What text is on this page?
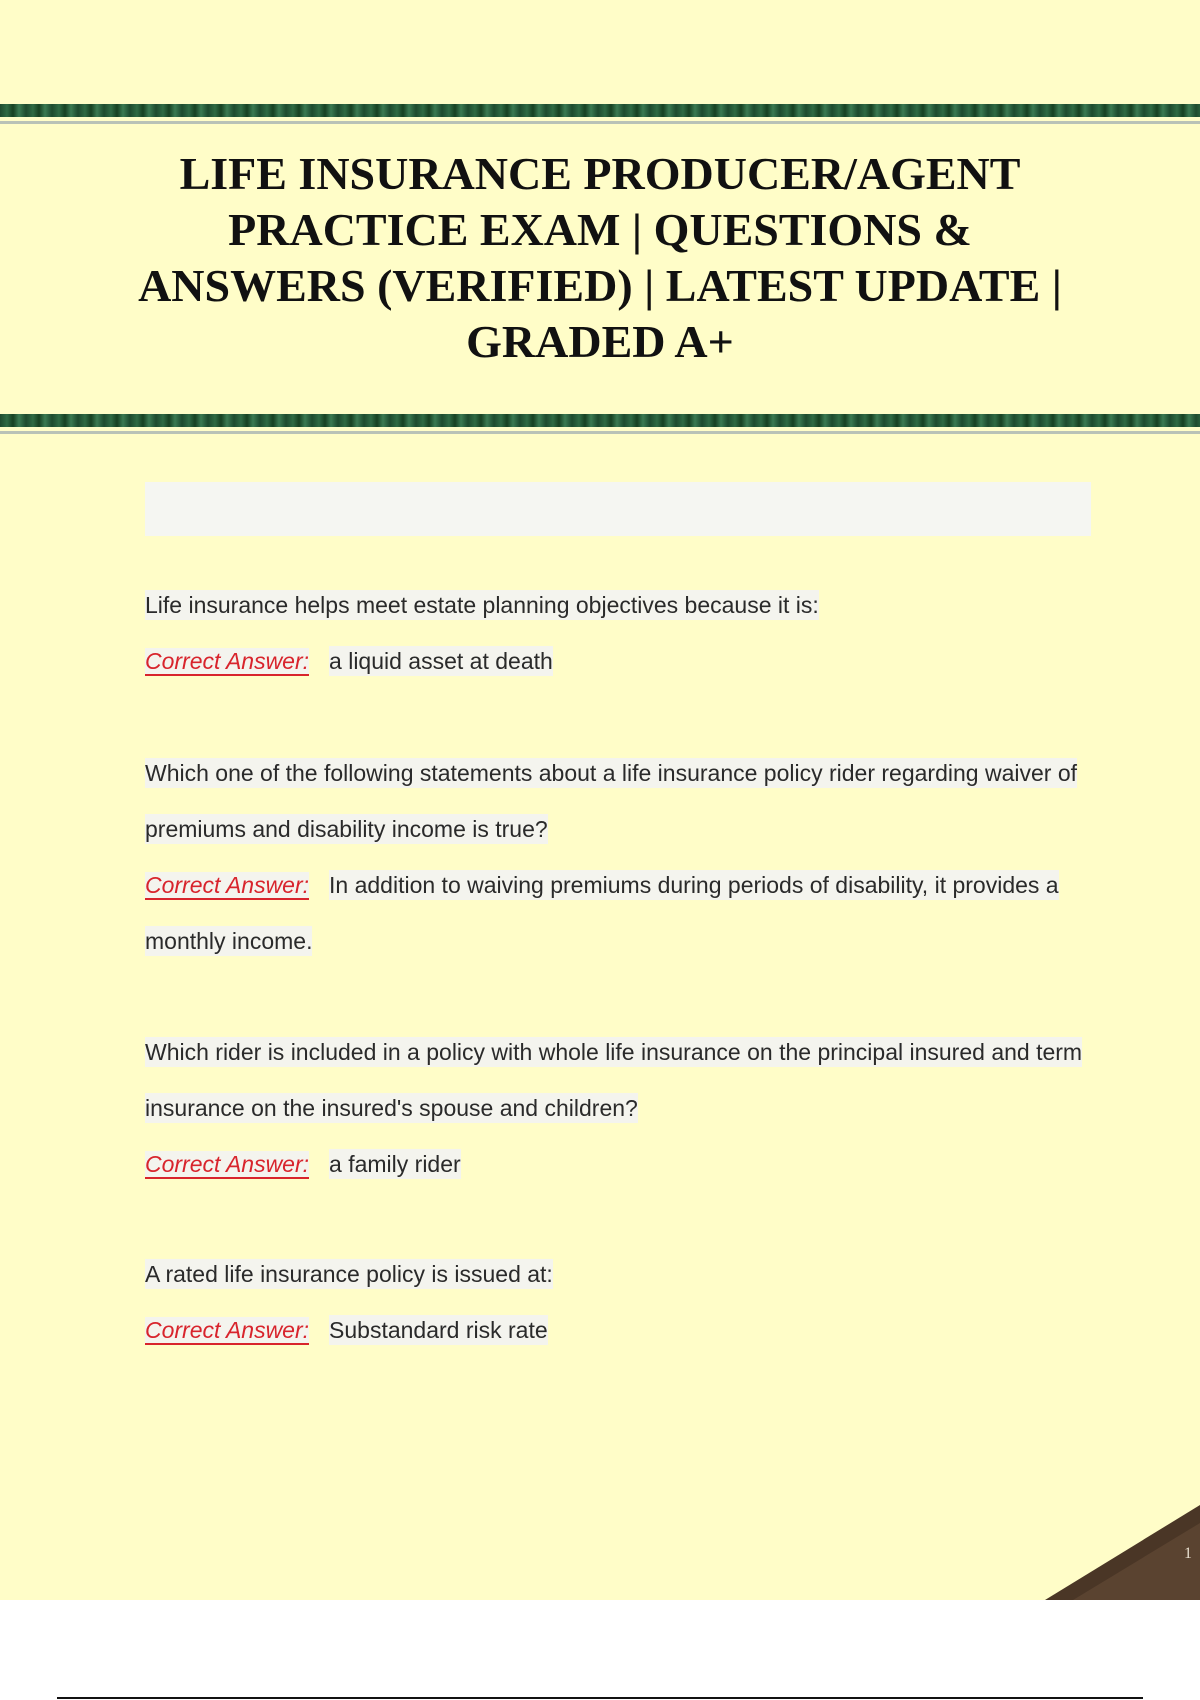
LIFE INSURANCE PRODUCER/AGENT PRACTICE EXAM | QUESTIONS & ANSWERS (VERIFIED) | LATEST UPDATE | GRADED A+

Life insurance helps meet estate planning objectives because it is:

Correct Answer: a liquid asset at death

Which one of the following statements about a life insurance policy rider regarding waiver of premiums and disability income is true?

Correct Answer: In addition to waiving premiums during periods of disability, it provides a monthly income.

Which rider is included in a policy with whole life insurance on the principal insured and term insurance on the insured's spouse and children?

Correct Answer: a family rider

A rated life insurance policy is issued at:

Correct Answer: Substandard risk rate

1
